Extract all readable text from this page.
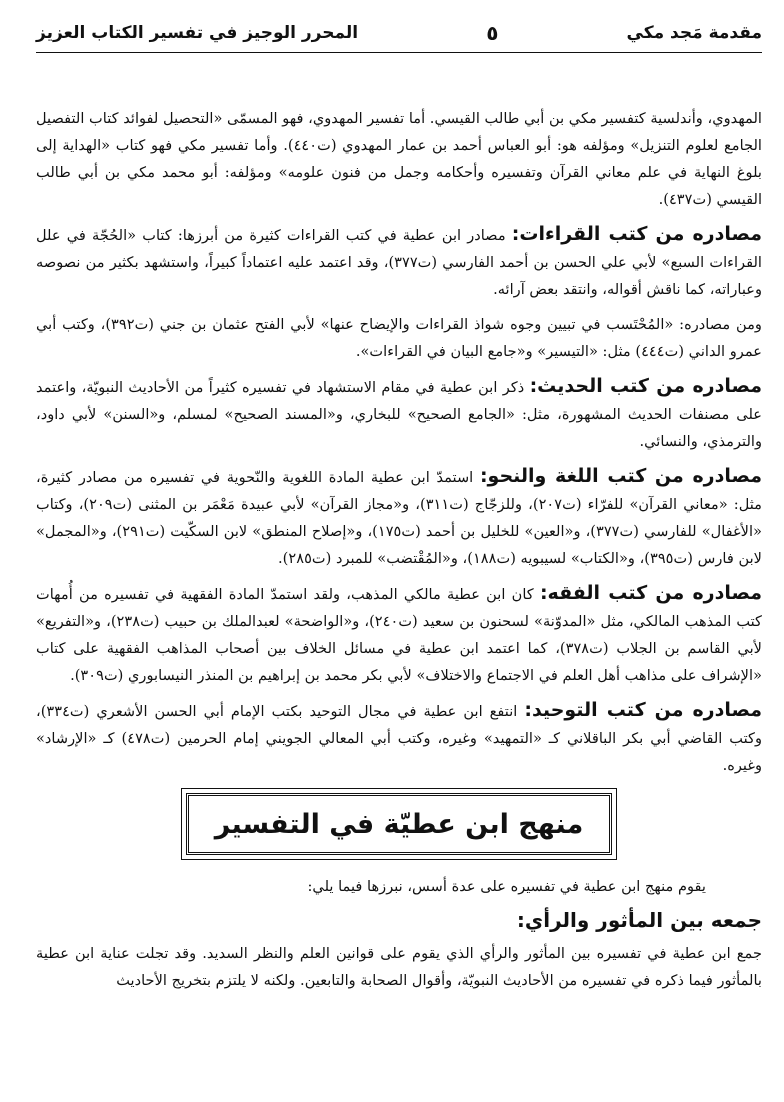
مقدمة مَجد مكي
٥
المحرر الوجيز في تفسير الكتاب العزيز

المهدوي، وأندلسية كتفسير مكي بن أبي طالب القيسي. أما تفسير المهدوي، فهو المسمّى «التحصيل لفوائد كتاب التفصيل الجامع لعلوم التنزيل» ومؤلفه هو: أبو العباس أحمد بن عمار المهدوي (ت٤٤٠). وأما تفسير مكي فهو كتاب «الهداية إلى بلوغ النهاية في علم معاني القرآن وتفسيره وأحكامه وجمل من فنون علومه» ومؤلفه: أبو محمد مكي بن أبي طالب القيسي (ت٤٣٧).

مصادره من كتب القراءات: مصادر ابن عطية في كتب القراءات كثيرة من أبرزها: كتاب «الحُجّة في علل القراءات السبع» لأبي علي الحسن بن أحمد الفارسي (ت٣٧٧)، وقد اعتمد عليه اعتماداً كبيراً، واستشهد بكثير من نصوصه وعباراته، كما ناقش أقواله، وانتقد بعض آرائه.

ومن مصادره: «المُحْتَسب في تبيين وجوه شواذ القراءات والإيضاح عنها» لأبي الفتح عثمان بن جني (ت٣٩٢)، وكتب أبي عمرو الداني (ت٤٤٤) مثل: «التيسير» و«جامع البيان في القراءات».

مصادره من كتب الحديث: ذكر ابن عطية في مقام الاستشهاد في تفسيره كثيراً من الأحاديث النبويّة، واعتمد على مصنفات الحديث المشهورة، مثل: «الجامع الصحيح» للبخاري، و«المسند الصحيح» لمسلم، و«السنن» لأبي داود، والترمذي، والنسائي.

مصادره من كتب اللغة والنحو: استمدّ ابن عطية المادة اللغوية والنّحوية في تفسيره من مصادر كثيرة، مثل: «معاني القرآن» للفرّاء (ت٢٠٧)، وللزجّاج (ت٣١١)، و«مجاز القرآن» لأبي عبيدة مَعْمَر بن المثنى (ت٢٠٩)، وكتاب «الأغفال» للفارسي (ت٣٧٧)، و«العين» للخليل بن أحمد (ت١٧٥)، و«إصلاح المنطق» لابن السكّيت (ت٢٩١)، و«المجمل» لابن فارس (ت٣٩٥)، و«الكتاب» لسيبويه (ت١٨٨)، و«المُقْتضب» للمبرد (ت٢٨٥).

مصادره من كتب الفقه: كان ابن عطية مالكي المذهب، ولقد استمدّ المادة الفقهية في تفسيره من أُمهات كتب المذهب المالكي، مثل «المدوّنة» لسحنون بن سعيد (ت٢٤٠)، و«الواضحة» لعبدالملك بن حبيب (ت٢٣٨)، و«التفريع» لأبي القاسم بن الجلاب (ت٣٧٨)، كما اعتمد ابن عطية في مسائل الخلاف بين أصحاب المذاهب الفقهية على كتاب «الإشراف على مذاهب أهل العلم في الاجتماع والاختلاف» لأبي بكر محمد بن إبراهيم بن المنذر النيسابوري (ت٣٠٩).

مصادره من كتب التوحيد: انتفع ابن عطية في مجال التوحيد بكتب الإمام أبي الحسن الأشعري (ت٣٣٤)، وكتب القاضي أبي بكر الباقلاني كـ «التمهيد» وغيره، وكتب أبي المعالي الجويني إمام الحرمين (ت٤٧٨) كـ «الإرشاد» وغيره.

منهج ابن عطيّة في التفسير

يقوم منهج ابن عطية في تفسيره على عدة أسس، نبرزها فيما يلي:

جمعه بين المأثور والرأي:

جمع ابن عطية في تفسيره بين المأثور والرأي الذي يقوم على قوانين العلم والنظر السديد. وقد تجلت عناية ابن عطية بالمأثور فيما ذكره في تفسيره من الأحاديث النبويّة، وأقوال الصحابة والتابعين. ولكنه لا يلتزم بتخريج الأحاديث
